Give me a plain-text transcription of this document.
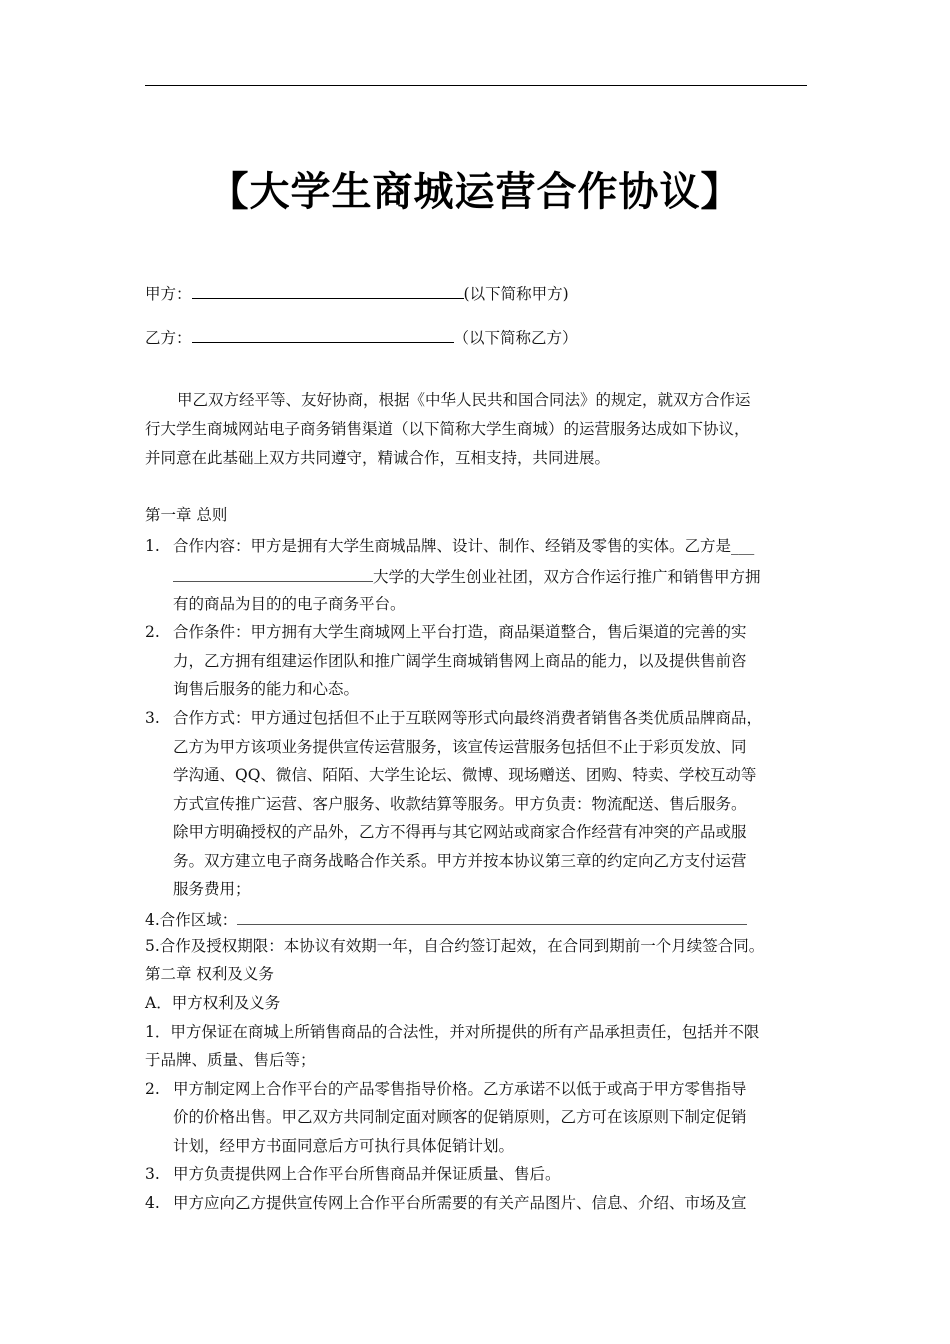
【大学生商城运营合作协议】
甲方：	(以下简称甲方)
乙方：	（以下简称乙方）
甲乙双方经平等、友好协商，根据《中华人民共和国合同法》的规定，就双方合作运
行大学生商城网站电子商务销售渠道（以下简称大学生商城）的运营服务达成如下协议，
并同意在此基础上双方共同遵守，精诚合作，互相支持，共同进展。
第一章 总则
1. 合作内容：甲方是拥有大学生商城品牌、设计、制作、经销及零售的实体。乙方是___
大学的大学生创业社团，双方合作运行推广和销售甲方拥
有的商品为目的的电子商务平台。
2. 合作条件：甲方拥有大学生商城网上平台打造，商品渠道整合，售后渠道的完善的实
力，乙方拥有组建运作团队和推广阔学生商城销售网上商品的能力，以及提供售前咨
询售后服务的能力和心态。
3. 合作方式：甲方通过包括但不止于互联网等形式向最终消费者销售各类优质品牌商品，
乙方为甲方该项业务提供宣传运营服务，该宣传运营服务包括但不止于彩页发放、同
学沟通、QQ、微信、陌陌、大学生论坛、微博、现场赠送、团购、特卖、学校互动等
方式宣传推广运营、客户服务、收款结算等服务。甲方负责：物流配送、售后服务。
除甲方明确授权的产品外，乙方不得再与其它网站或商家合作经营有冲突的产品或服
务。双方建立电子商务战略合作关系。甲方并按本协议第三章的约定向乙方支付运营
服务费用；
4.合作区域：
5.合作及授权期限：本协议有效期一年，自合约签订起效，在合同到期前一个月续签合同。
第二章 权利及义务
A．甲方权利及义务
1．甲方保证在商城上所销售商品的合法性，并对所提供的所有产品承担责任，包括并不限
于品牌、质量、售后等；
2. 甲方制定网上合作平台的产品零售指导价格。乙方承诺不以低于或高于甲方零售指导
价的价格出售。甲乙双方共同制定面对顾客的促销原则，乙方可在该原则下制定促销
计划，经甲方书面同意后方可执行具体促销计划。
3. 甲方负责提供网上合作平台所售商品并保证质量、售后。
4. 甲方应向乙方提供宣传网上合作平台所需要的有关产品图片、信息、介绍、市场及宣
